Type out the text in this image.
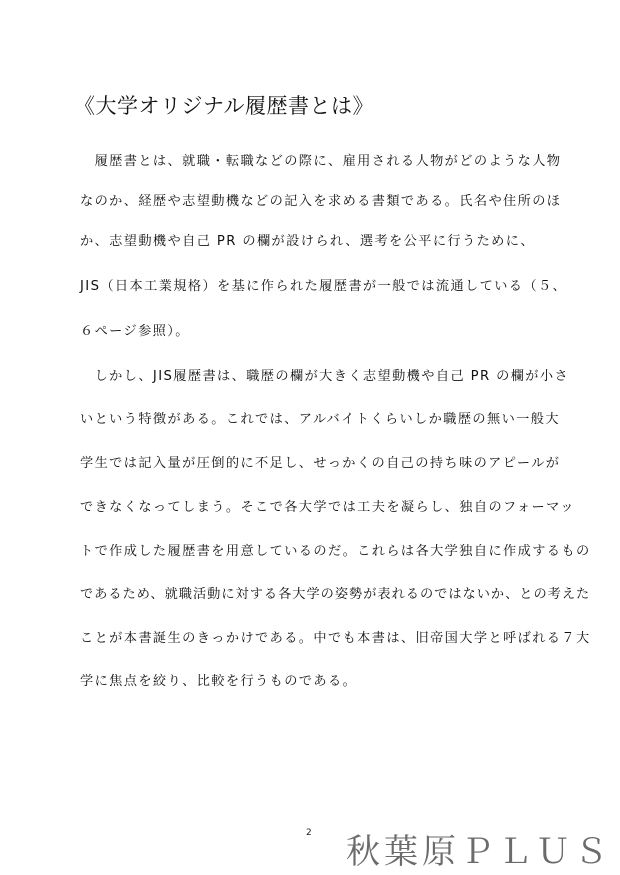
《大学オリジナル履歴書とは》
　履歴書とは、就職・転職などの際に、雇用される人物がどのような人物
なのか、経歴や志望動機などの記入を求める書類である。氏名や住所のほ
か、志望動機や自己 PR の欄が設けられ、選考を公平に行うために、
JIS（日本工業規格）を基に作られた履歴書が一般では流通している（５、
６ページ参照）。
　しかし、JIS履歴書は、職歴の欄が大きく志望動機や自己 PR の欄が小さ
いという特徴がある。これでは、アルバイトくらいしか職歴の無い一般大
学生では記入量が圧倒的に不足し、せっかくの自己の持ち味のアピールが
できなくなってしまう。そこで各大学では工夫を凝らし、独自のフォーマッ
トで作成した履歴書を用意しているのだ。これらは各大学独自に作成するもの
であるため、就職活動に対する各大学の姿勢が表れるのではないか、との考えた
ことが本書誕生のきっかけである。中でも本書は、旧帝国大学と呼ばれる７大
学に焦点を絞り、比較を行うものである。
2 秋葉原ＰＬＵＳ
